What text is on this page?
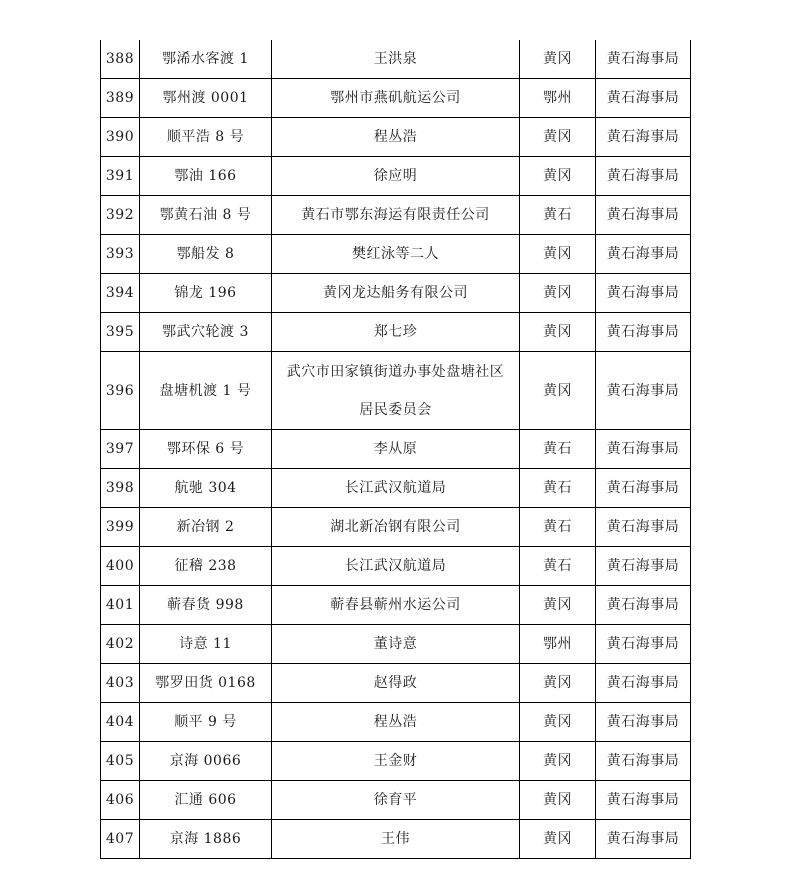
388	鄂浠水客渡 1	王洪泉	黄冈	黄石海事局
389	鄂州渡 0001	鄂州市燕矶航运公司	鄂州	黄石海事局
390	顺平浩 8 号	程丛浩	黄冈	黄石海事局
391	鄂油 166	徐应明	黄冈	黄石海事局
392	鄂黄石油 8 号	黄石市鄂东海运有限责任公司	黄石	黄石海事局
393	鄂船发 8	樊红泳等二人	黄冈	黄石海事局
394	锦龙 196	黄冈龙达船务有限公司	黄冈	黄石海事局
395	鄂武穴轮渡 3	郑七珍	黄冈	黄石海事局
396	盘塘机渡 1 号	武穴市田家镇街道办事处盘塘社区居民委员会	黄冈	黄石海事局
397	鄂环保 6 号	李从原	黄石	黄石海事局
398	航驰 304	长江武汉航道局	黄石	黄石海事局
399	新冶钢 2	湖北新冶钢有限公司	黄石	黄石海事局
400	征稽 238	长江武汉航道局	黄石	黄石海事局
401	蕲春货 998	蕲春县蕲州水运公司	黄冈	黄石海事局
402	诗意 11	董诗意	鄂州	黄石海事局
403	鄂罗田货 0168	赵得政	黄冈	黄石海事局
404	顺平 9 号	程丛浩	黄冈	黄石海事局
405	京海 0066	王金财	黄冈	黄石海事局
406	汇通 606	徐育平	黄冈	黄石海事局
407	京海 1886	王伟	黄冈	黄石海事局
